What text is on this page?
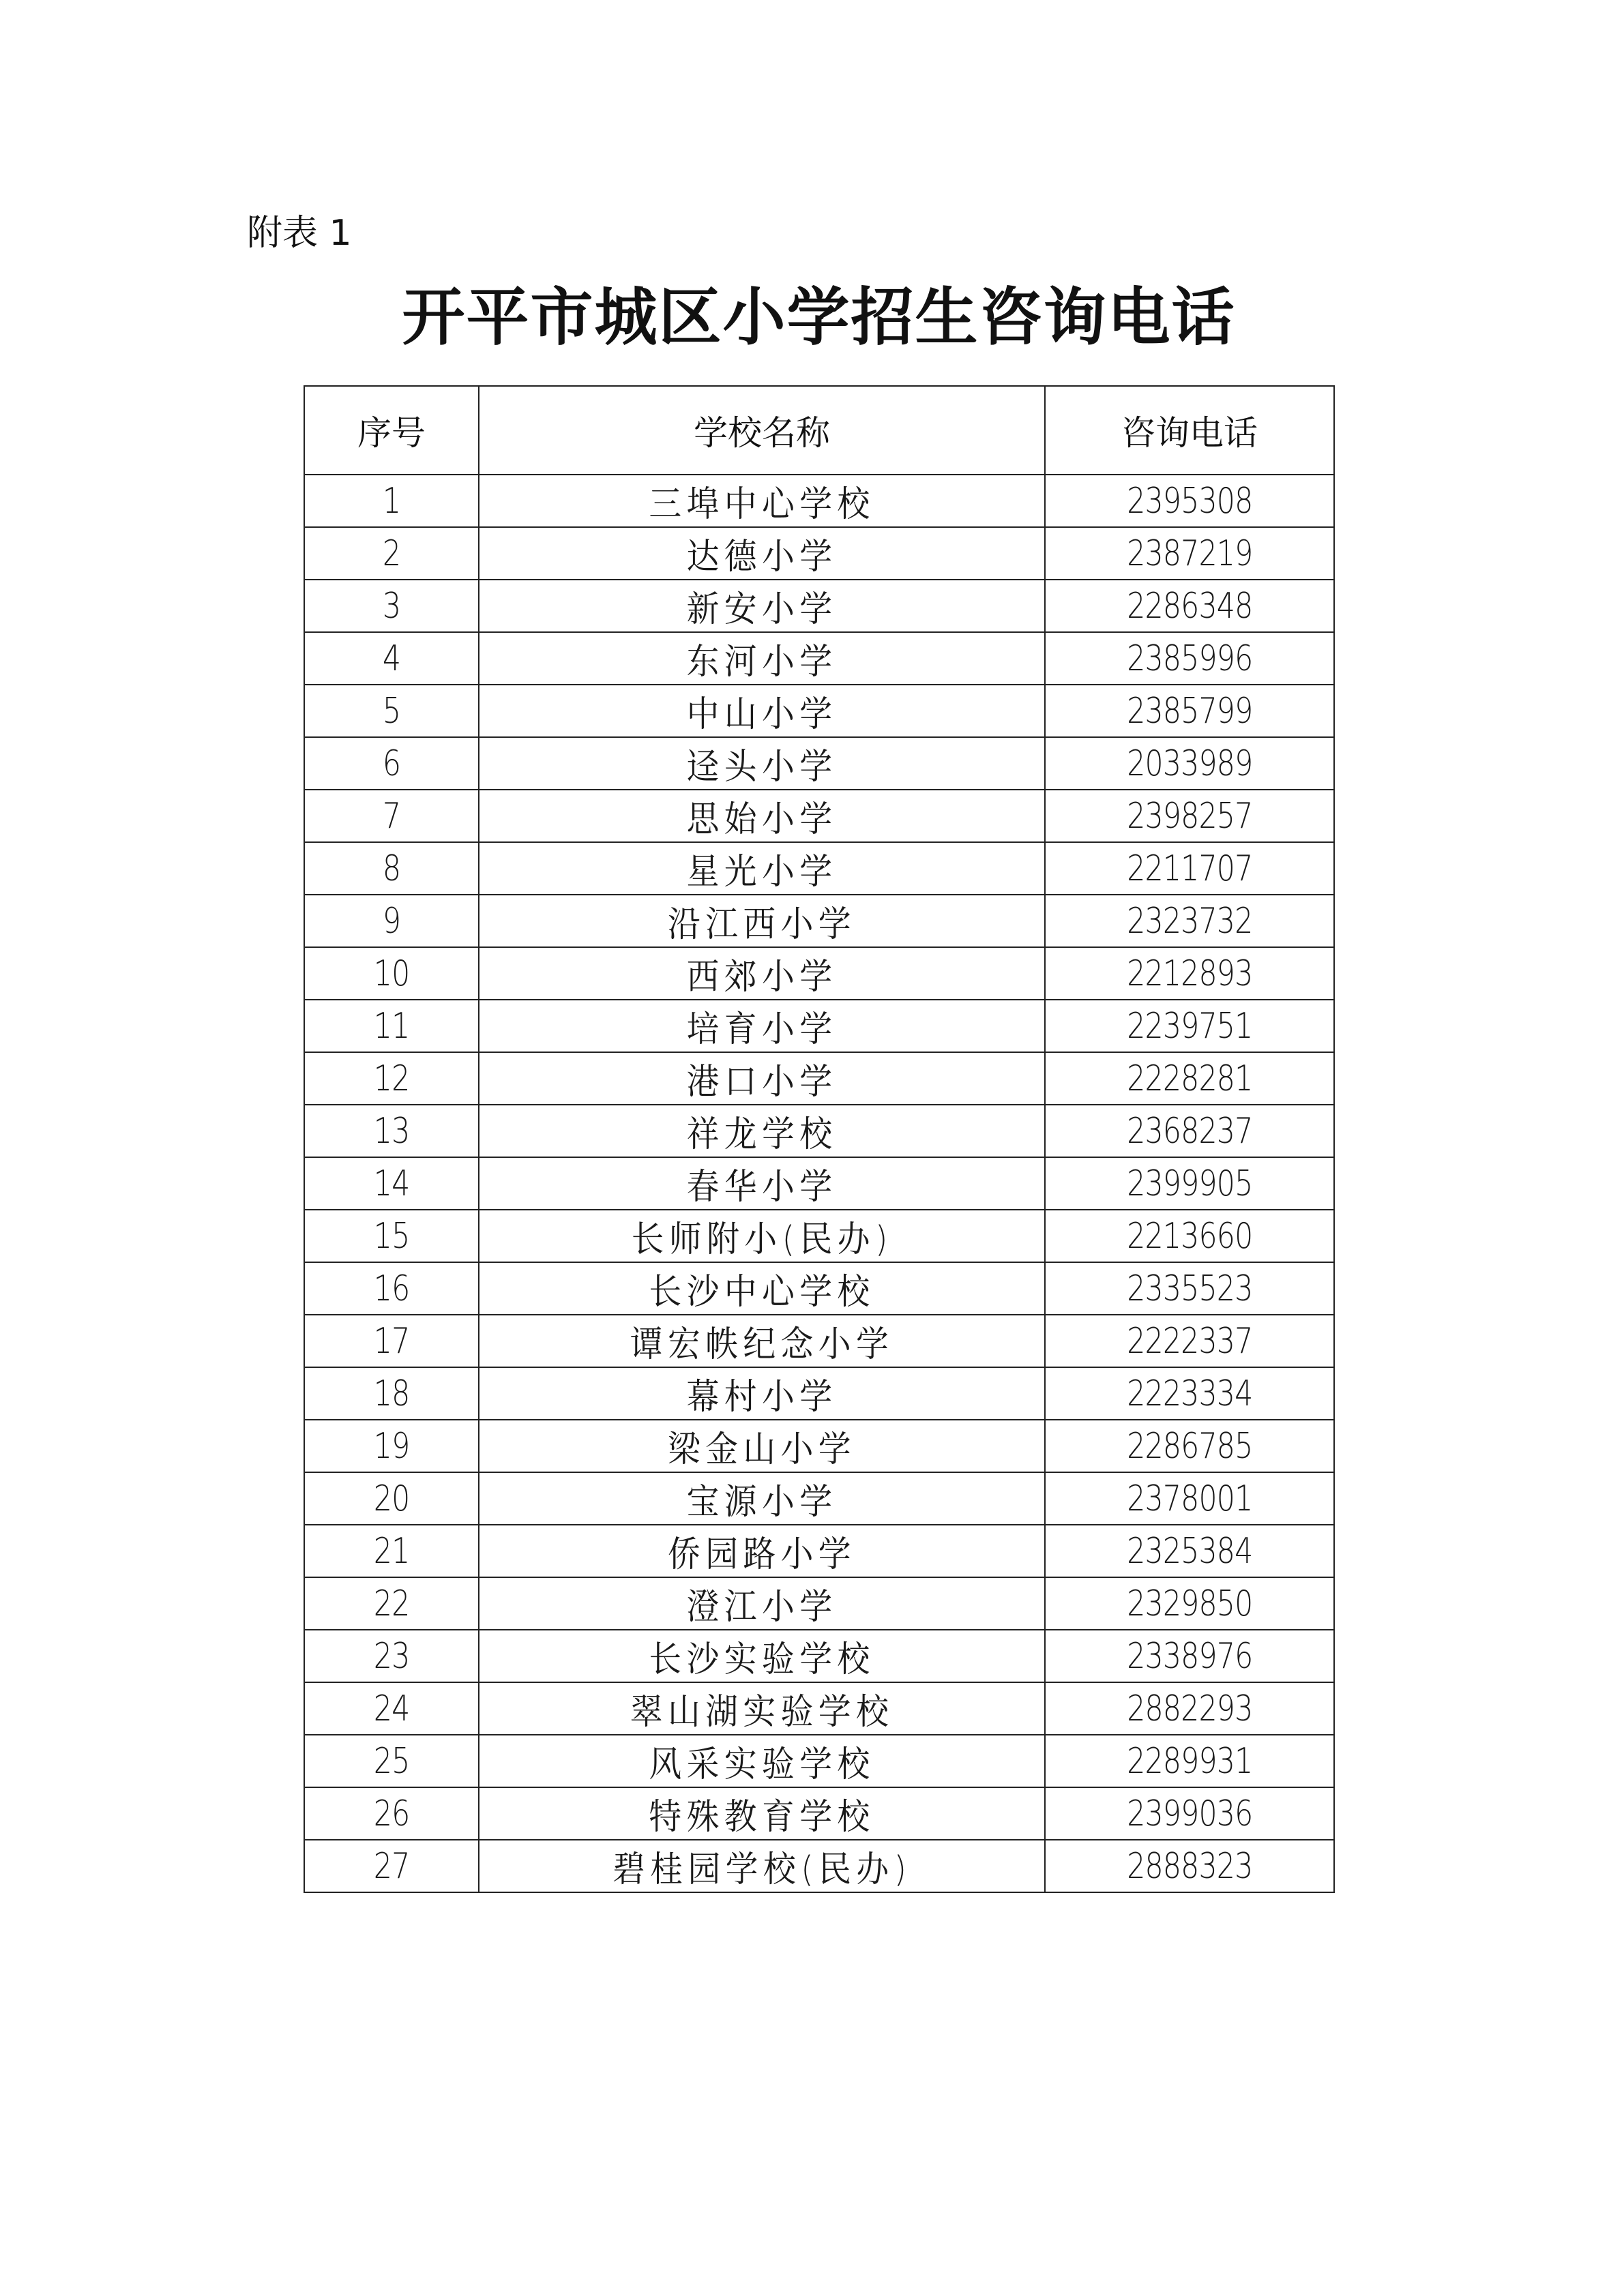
附表 1
开平市城区小学招生咨询电话
序号	学校名称	咨询电话
1	三埠中心学校	2395308
2	达德小学	2387219
3	新安小学	2286348
4	东河小学	2385996
5	中山小学	2385799
6	迳头小学	2033989
7	思始小学	2398257
8	星光小学	2211707
9	沿江西小学	2323732
10	西郊小学	2212893
11	培育小学	2239751
12	港口小学	2228281
13	祥龙学校	2368237
14	春华小学	2399905
15	长师附小(民办)	2213660
16	长沙中心学校	2335523
17	谭宏帙纪念小学	2222337
18	幕村小学	2223334
19	梁金山小学	2286785
20	宝源小学	2378001
21	侨园路小学	2325384
22	澄江小学	2329850
23	长沙实验学校	2338976
24	翠山湖实验学校	2882293
25	风采实验学校	2289931
26	特殊教育学校	2399036
27	碧桂园学校(民办)	2888323
